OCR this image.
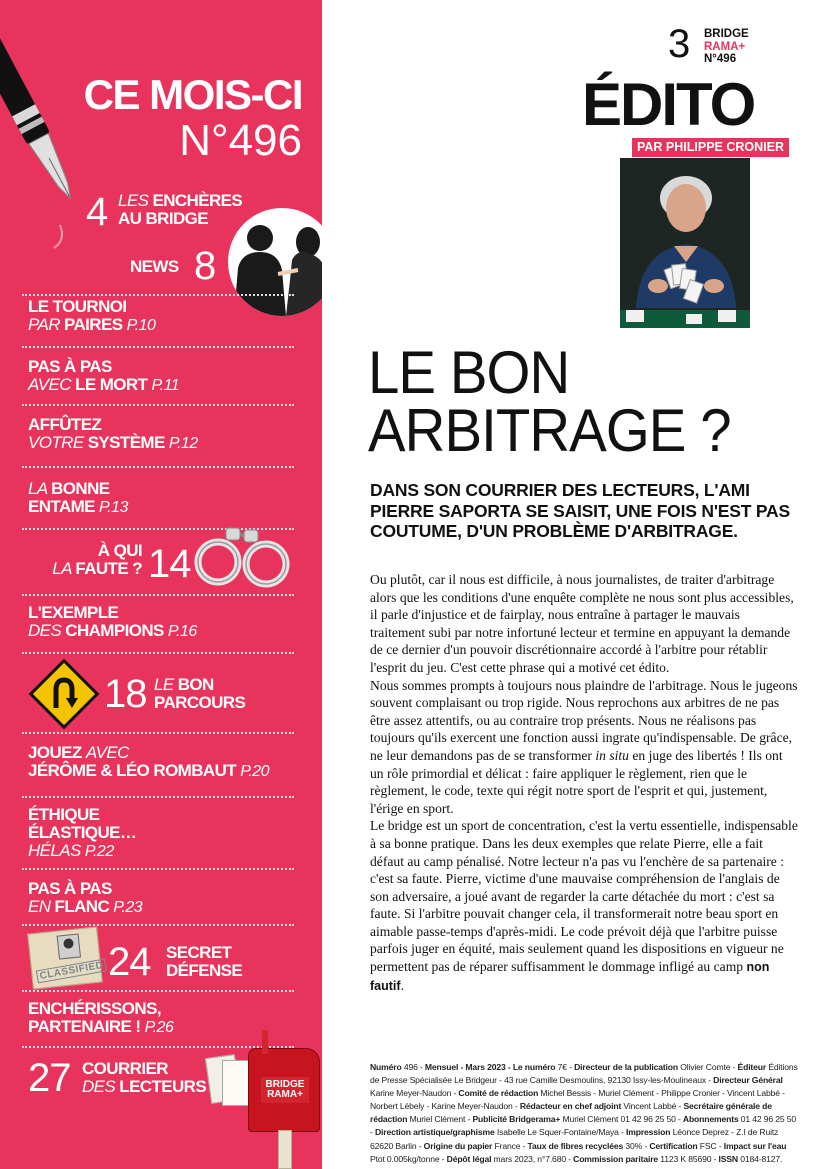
CE MOIS-CI
N°496
4 LES ENCHÈRES
AU BRIDGE
NEWS 8
LE TOURNOI
PAR PAIRES P.10
PAS À PAS
AVEC LE MORT P.11
AFFÛTEZ
VOTRE SYSTÈME P.12
LA BONNE
ENTAME P.13
À QUI
LA FAUTE ? 14
L'EXEMPLE
DES CHAMPIONS P.16
18 LE BON
PARCOURS
JOUEZ AVEC
JÉRÔME & LÉO ROMBAUT P.20
ÉTHIQUE
ÉLASTIQUE…
HÉLAS P.22
PAS À PAS
EN FLANC P.23
CLASSIFIED 24 SECRET
DÉFENSE
ENCHÉRISSONS,
PARTENAIRE ! P.26
27 COURRIER
DES LECTEURS	BRIDGE
RAMA+
3 BRIDGE
RAMA+
N°496
ÉDITO
PAR PHILIPPE CRONIER
LE BON
ARBITRAGE ?
DANS SON COURRIER DES LECTEURS, L'AMI PIERRE SAPORTA SE SAISIT, UNE FOIS N'EST PAS COUTUME, D'UN PROBLÈME D'ARBITRAGE.

Ou plutôt, car il nous est difficile, à nous journalistes, de traiter d'arbitrage alors que les conditions d'une enquête complète ne nous sont plus accessibles, il parle d'injustice et de fairplay, nous entraîne à partager le mauvais traitement subi par notre infortuné lecteur et termine en appuyant la demande de ce dernier d'un pouvoir discrétionnaire accordé à l'arbitre pour rétablir l'esprit du jeu. C'est cette phrase qui a motivé cet édito.

Nous sommes prompts à toujours nous plaindre de l'arbitrage. Nous le jugeons souvent complaisant ou trop rigide. Nous reprochons aux arbitres de ne pas être assez attentifs, ou au contraire trop présents. Nous ne réalisons pas toujours qu'ils exercent une fonction aussi ingrate qu'indispensable. De grâce, ne leur demandons pas de se transformer in situ en juge des libertés ! Ils ont un rôle primordial et délicat : faire appliquer le règlement, rien que le règlement, le code, texte qui régit notre sport de l'esprit et qui, justement, l'érige en sport.

Le bridge est un sport de concentration, c'est la vertu essentielle, indispensable à sa bonne pratique. Dans les deux exemples que relate Pierre, elle a fait défaut au camp pénalisé. Notre lecteur n'a pas vu l'enchère de sa partenaire : c'est sa faute. Pierre, victime d'une mauvaise compréhension de l'anglais de son adversaire, a joué avant de regarder la carte détachée du mort : c'est sa faute. Si l'arbitre pouvait changer cela, il transformerait notre beau sport en aimable passe-temps d'après-midi. Le code prévoit déjà que l'arbitre puisse parfois juger en équité, mais seulement quand les dispositions en vigueur ne permettent pas de réparer suffisamment le dommage infligé au camp non fautif.

Numéro 496 - Mensuel - Mars 2023 - Le numéro 7€ - Directeur de la publication Olivier Comte - Éditeur Éditions de Presse Spécialisée Le Bridgeur - 43 rue Camille Desmoulins, 92130 Issy-les-Moulineaux - Directeur Général Karine Meyer-Naudon - Comité de rédaction Michel Bessis - Muriel Clément - Philippe Cronier - Vincent Labbé - Norbert Lébely - Karine Meyer-Naudon - Rédacteur en chef adjoint Vincent Labbé - Secrétaire générale de rédaction Muriel Clément - Publicité Bridgerama+ Muriel Clément 01 42 96 25 50 - Abonnements 01 42 96 25 50 - Direction artistique/graphisme Isabelle Le Squer-Fontaine/Maya - Impression Léonce Deprez - Z.I de Ruitz 62620 Barlin - Origine du papier France - Taux de fibres recyclées 30% - Certification FSC - Impact sur l'eau Ptot 0.005kg/tonne - Dépôt légal mars 2023, n°7.680 - Commission paritaire 1123 K 85690 - ISSN 0184-8127.
